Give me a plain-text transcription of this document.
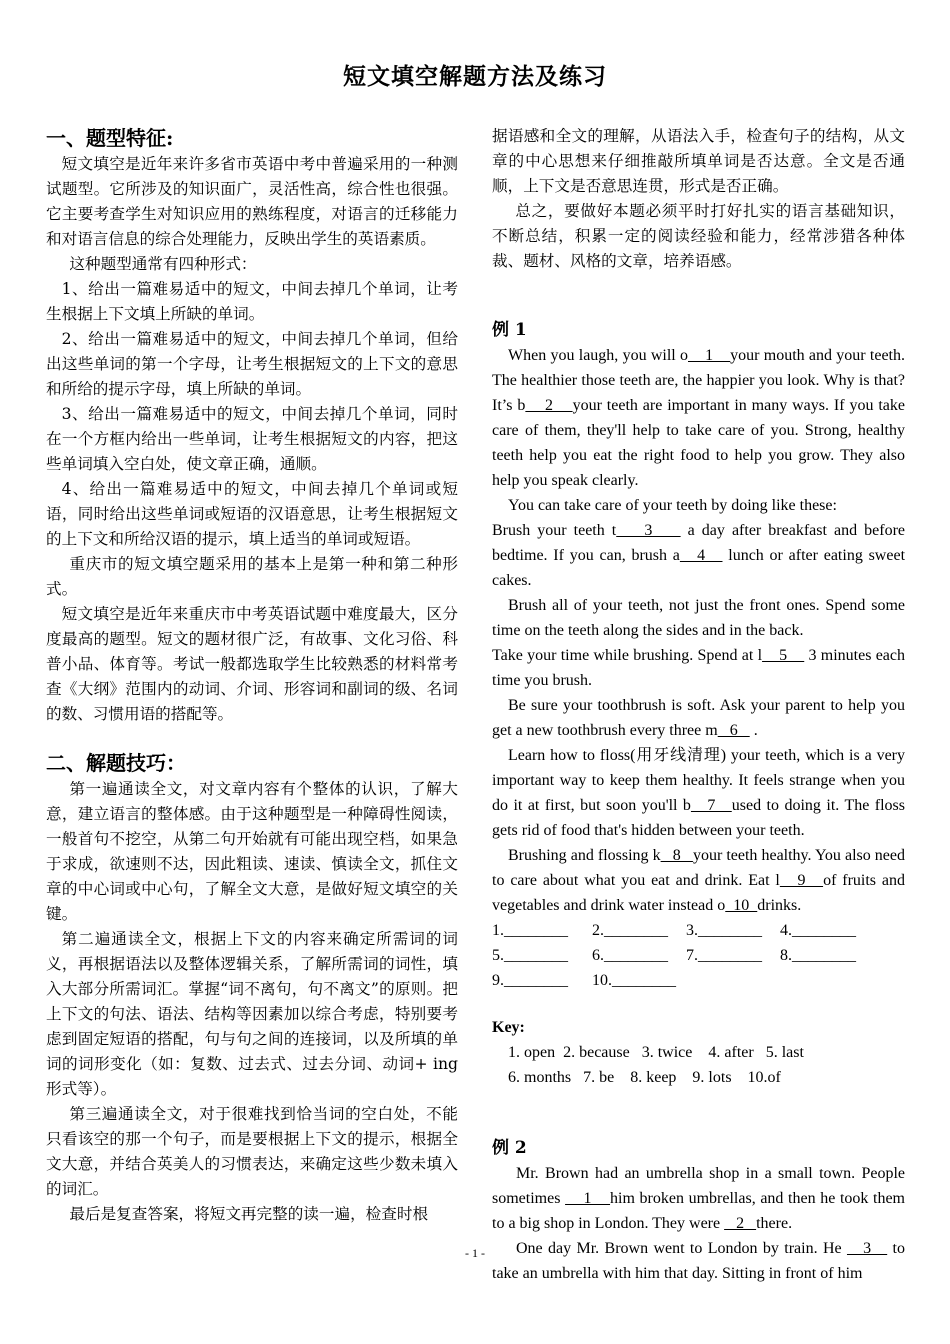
短文填空解题方法及练习

一、题型特征:

短文填空是近年来许多省市英语中考中普遍采用的一种测试题型。它所涉及的知识面广，灵活性高，综合性也很强。它主要考查学生对知识应用的熟练程度，对语言的迁移能力和对语言信息的综合处理能力，反映出学生的英语素质。

这种题型通常有四种形式：

1、给出一篇难易适中的短文，中间去掉几个单词，让考生根据上下文填上所缺的单词。

2、给出一篇难易适中的短文，中间去掉几个单词，但给出这些单词的第一个字母，让考生根据短文的上下文的意思和所给的提示字母，填上所缺的单词。

3、给出一篇难易适中的短文，中间去掉几个单词，同时在一个方框内给出一些单词，让考生根据短文的内容，把这些单词填入空白处，使文章正确，通顺。

4、给出一篇难易适中的短文，中间去掉几个单词或短语，同时给出这些单词或短语的汉语意思，让考生根据短文的上下文和所给汉语的提示，填上适当的单词或短语。

重庆市的短文填空题采用的基本上是第一种和第二种形式。

短文填空是近年来重庆市中考英语试题中难度最大，区分度最高的题型。短文的题材很广泛，有故事、文化习俗、科普小品、体育等。考试一般都选取学生比较熟悉的材料常考查《大纲》范围内的动词、介词、形容词和副词的级、名词的数、习惯用语的搭配等。

二、解题技巧：

第一遍通读全文，对文章内容有个整体的认识，了解大意，建立语言的整体感。由于这种题型是一种障碍性阅读，一般首句不挖空，从第二句开始就有可能出现空档，如果急于求成，欲速则不达，因此粗读、速读、慎读全文，抓住文章的中心词或中心句，了解全文大意，是做好短文填空的关键。

第二遍通读全文，根据上下文的内容来确定所需词的词义，再根据语法以及整体逻辑关系，了解所需词的词性，填入大部分所需词汇。掌握“词不离句，句不离文”的原则。把上下文的句法、语法、结构等因素加以综合考虑，特别要考虑到固定短语的搭配，句与句之间的连接词，以及所填的单词的词形变化（如：复数、过去式、过去分词、动词+ ing形式等）。

第三遍通读全文，对于很难找到恰当词的空白处，不能只看该空的那一个句子，而是要根据上下文的提示，根据全文大意，并结合英美人的习惯表达，来确定这些少数未填入的词汇。

最后是复查答案，将短文再完整的读一遍，检查时根

据语感和全文的理解，从语法入手，检查句子的结构，从文章的中心思想来仔细推敲所填单词是否达意。全文是否通顺，上下文是否意思连贯，形式是否正确。

总之，要做好本题必须平时打好扎实的语言基础知识，不断总结，积累一定的阅读经验和能力，经常涉猎各种体裁、题材、风格的文章，培养语感。

例 1

When you laugh, you will o    1    your mouth and your teeth. The healthier those teeth are, the happier you look. Why is that? It’s b    2    your teeth are important in many ways. If you take care of them, they'll help to take care of you. Strong, healthy teeth help you eat the right food to help you grow. They also help you speak clearly.

You can take care of your teeth by doing like these:

Brush your teeth t    3     a day after breakfast and before bedtime. If you can, brush a   4    lunch or after eating sweet cakes.

Brush all of your teeth, not just the front ones. Spend some time on the teeth along the sides and in the back.

Take your time while brushing. Spend at l    5     3 minutes each time you brush.

Be sure your toothbrush is soft. Ask your parent to help you get a new toothbrush every three m   6    .

Learn how to floss(用牙线清理) your teeth, which is a very important way to keep them healthy. It feels strange when you do it at first, but soon you'll b   7   used to doing it. The floss gets rid of food that's hidden between your teeth.

Brushing and flossing k   8   your teeth healthy. You also need to care about what you eat and drink. Eat l   9   of fruits and vegetables and drink water instead o  10  drinks.

1.________	2.________	3.________	4.________
5.________	6.________	7.________	8.________
9.________	10.________

Key:

1. open  2. because   3. twice    4. after   5. last

6. months   7. be    8. keep    9. lots    10.of

例 2

Mr. Brown had an umbrella shop in a small town. People sometimes     1    him broken umbrellas, and then he took them to a big shop in London. They were    2   there.

One day Mr. Brown went to London by train. He    3    to take an umbrella with him that day. Sitting in front of him

- 1 -
